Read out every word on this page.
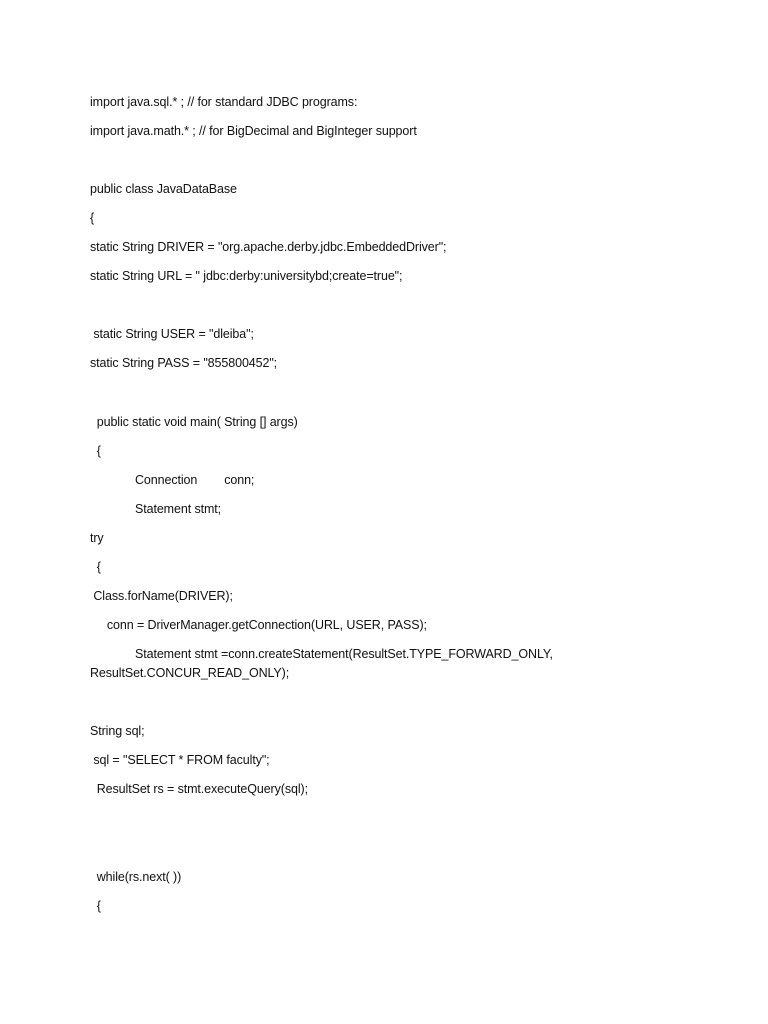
import java.sql.* ; // for standard JDBC programs:
import java.math.* ; // for BigDecimal and BigInteger support
public class JavaDataBase
{
static String DRIVER = "org.apache.derby.jdbc.EmbeddedDriver";
static String URL = " jdbc:derby:universitybd;create=true";
static String USER = "dleiba";
static String PASS = "855800452";
public static void main( String [] args)
{
Connection        conn;
Statement stmt;
try
{
Class.forName(DRIVER);
conn = DriverManager.getConnection(URL, USER, PASS);
Statement stmt =conn.createStatement(ResultSet.TYPE_FORWARD_ONLY,
ResultSet.CONCUR_READ_ONLY);
String sql;
sql = "SELECT * FROM faculty";
ResultSet rs = stmt.executeQuery(sql);
while(rs.next( ))
{
